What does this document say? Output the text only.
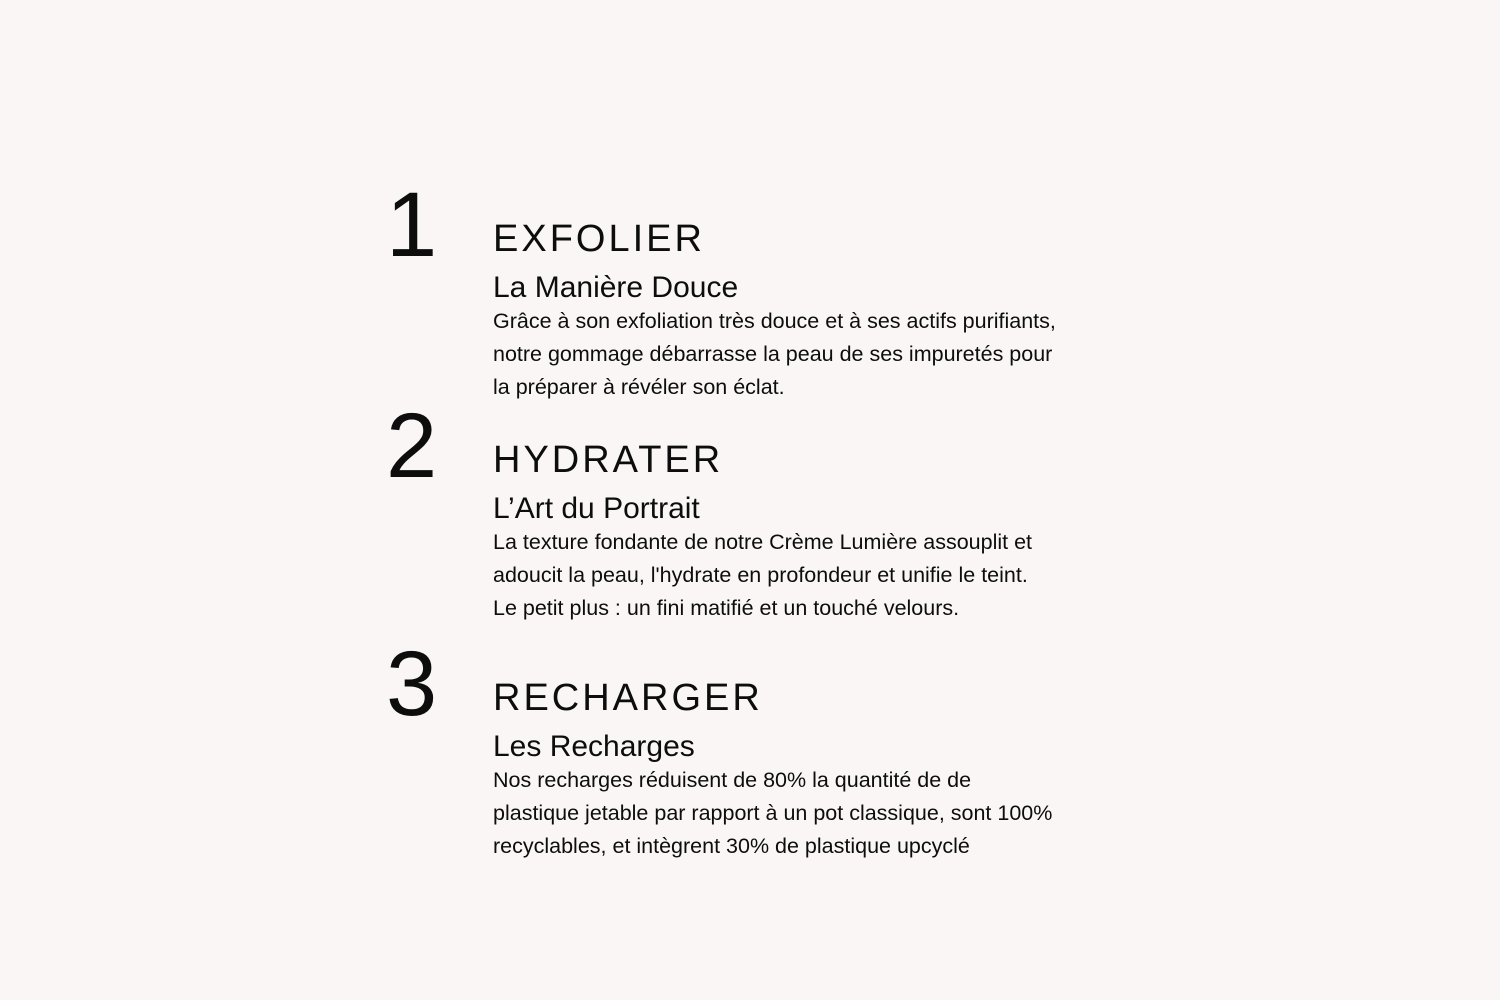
1 EXFOLIER
La Manière Douce

Grâce à son exfoliation très douce et à ses actifs purifiants,
notre gommage débarrasse la peau de ses impuretés pour
la préparer à révéler son éclat.

2 HYDRATER
L’Art du Portrait

La texture fondante de notre Crème Lumière assouplit et
adoucit la peau, l'hydrate en profondeur et unifie le teint.
Le petit plus : un fini matifié et un touché velours.

3 RECHARGER
Les Recharges

Nos recharges réduisent de 80% la quantité de de
plastique jetable par rapport à un pot classique, sont 100%
recyclables, et intègrent 30% de plastique upcyclé
